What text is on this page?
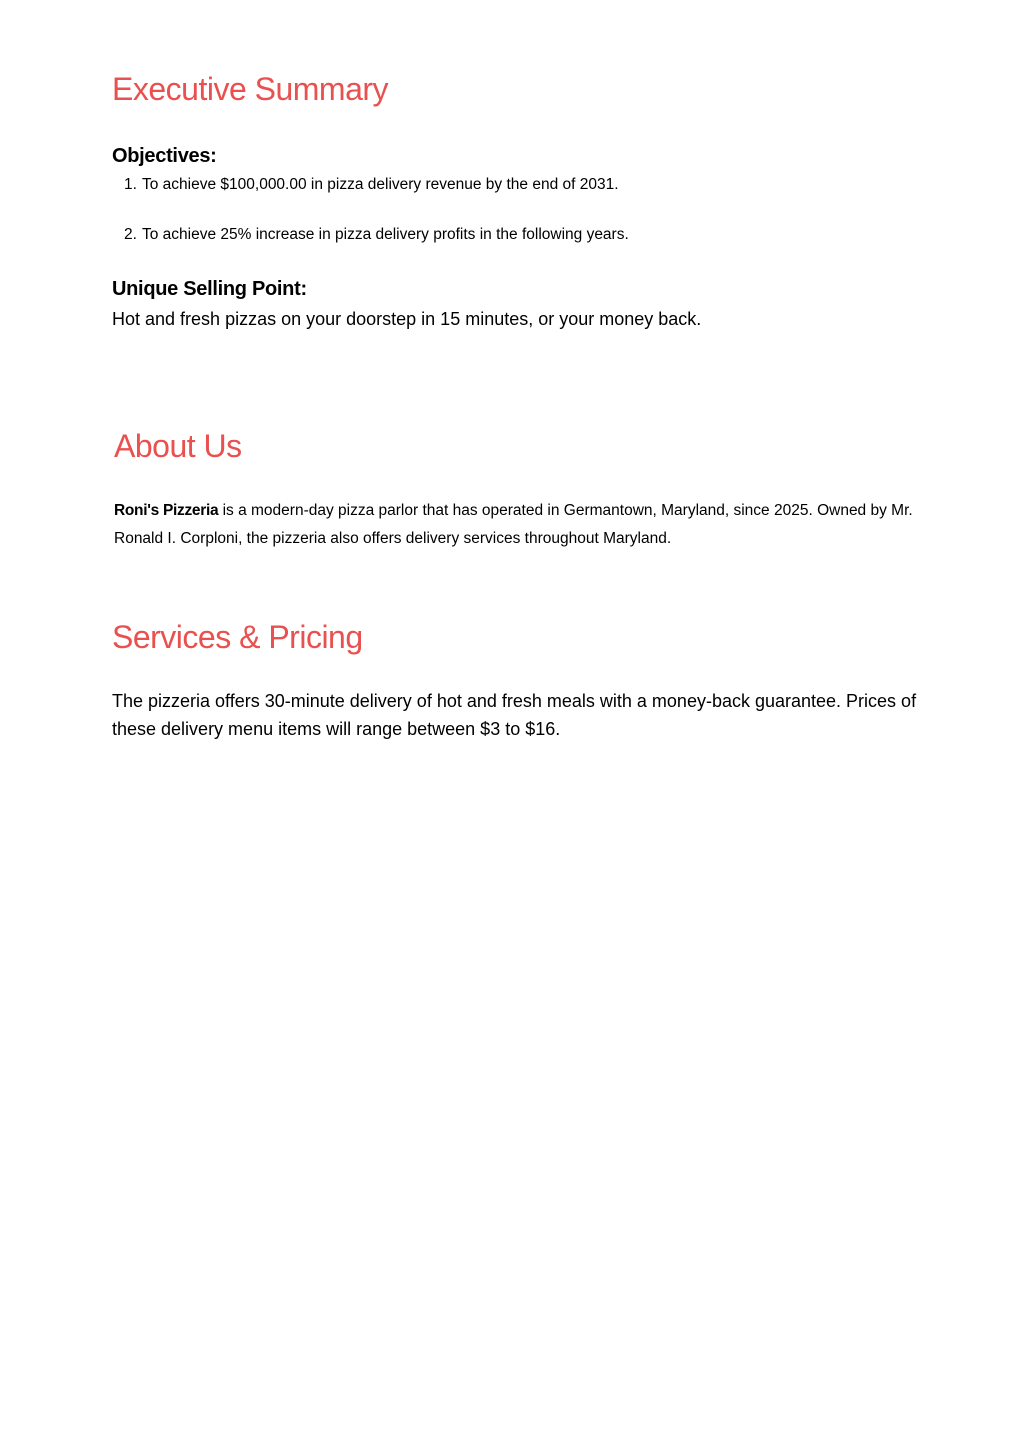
Executive Summary
Objectives:
1. To achieve $100,000.00 in pizza delivery revenue by the end of 2031.
2. To achieve 25% increase in pizza delivery profits in the following years.
Unique Selling Point:

Hot and fresh pizzas on your doorstep in 15 minutes, or your money back.

About Us

Roni's Pizzeria is a modern-day pizza parlor that has operated in Germantown, Maryland, since 2025. Owned by Mr. Ronald I. Corploni, the pizzeria also offers delivery services throughout Maryland.

Services & Pricing

The pizzeria offers 30-minute delivery of hot and fresh meals with a money-back guarantee. Prices of these delivery menu items will range between $3 to $16.
